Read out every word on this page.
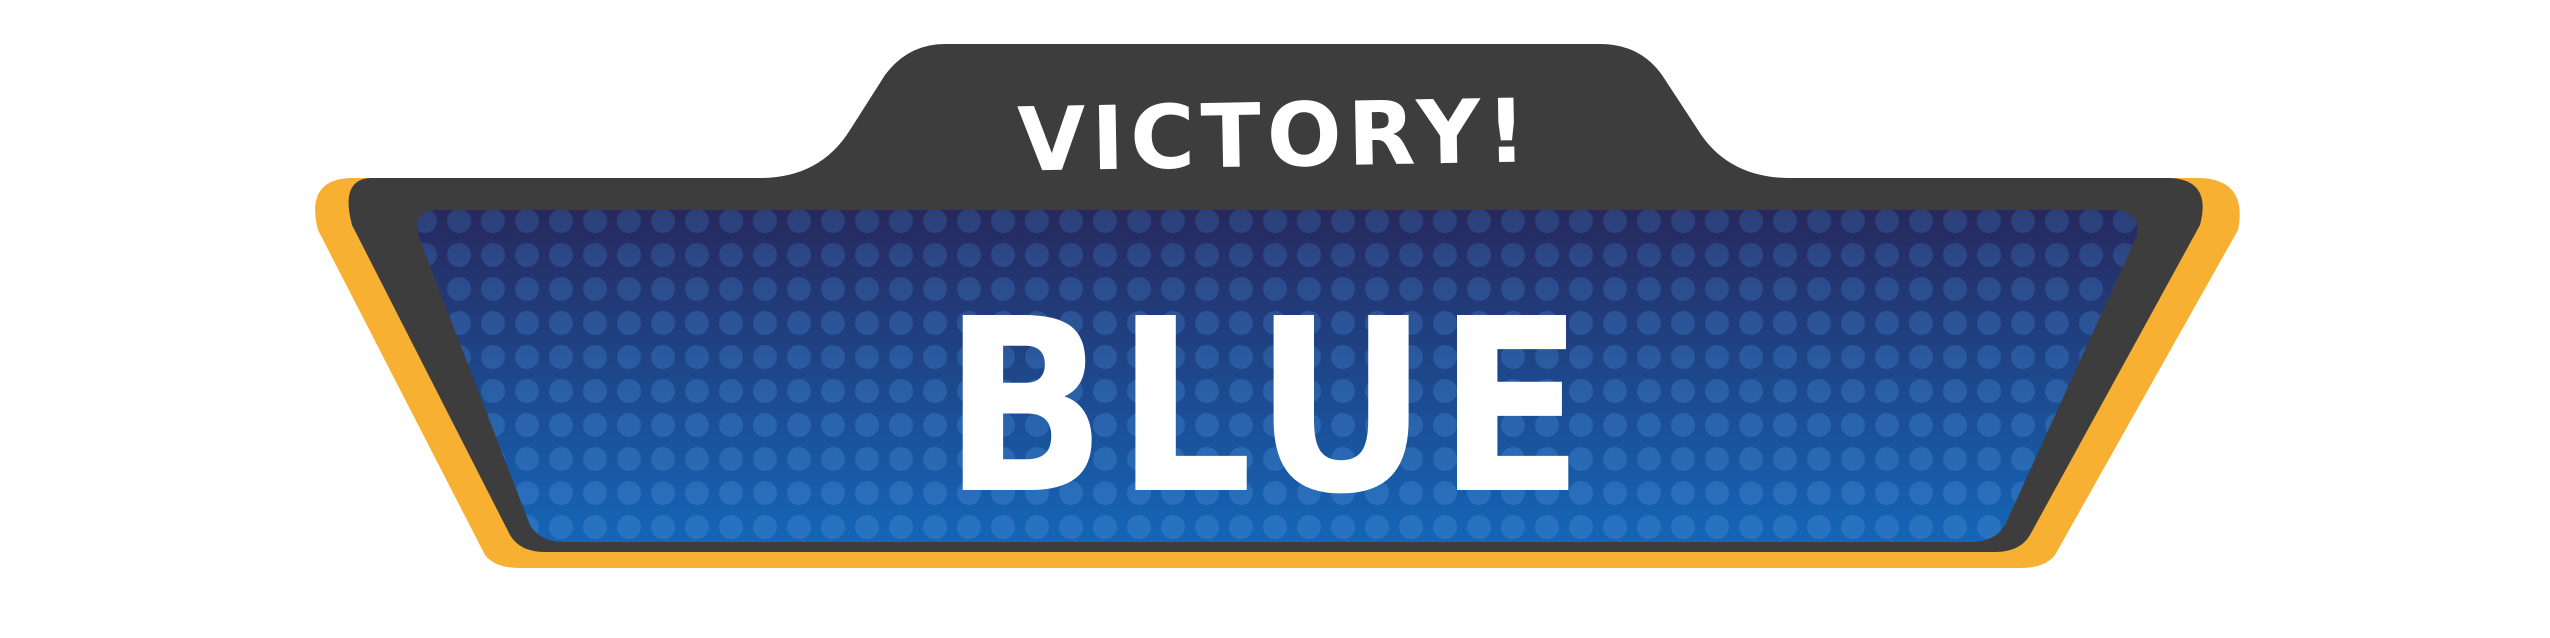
VICTORY!
BLUE
